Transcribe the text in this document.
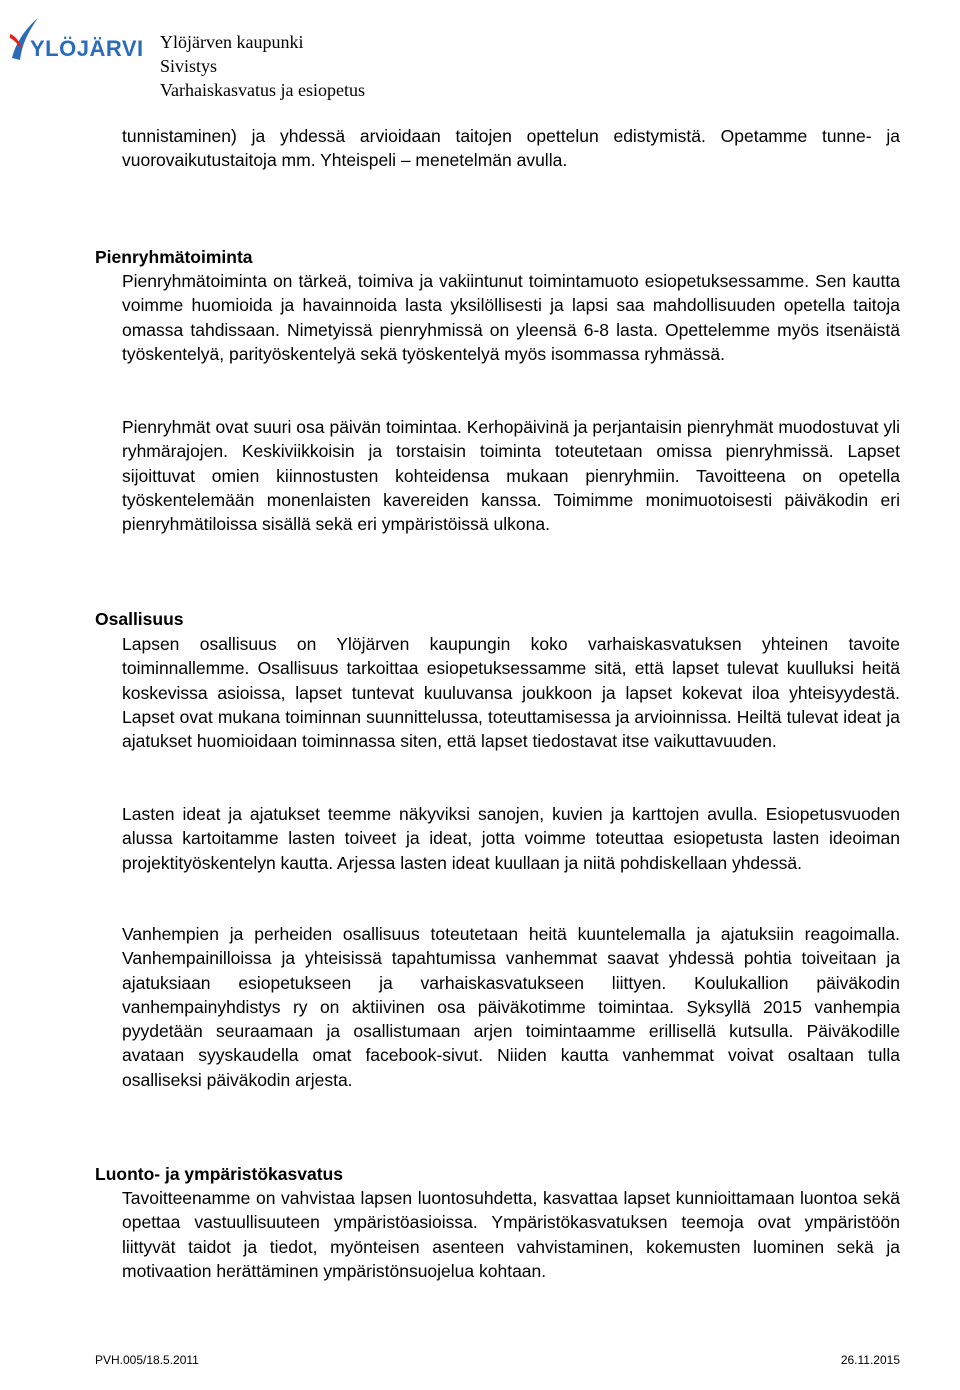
YLÖJÄRVI Ylöjärven kaupunki
Sivistys
Varhaiskasvatus ja esiopetus
tunnistaminen) ja yhdessä arvioidaan taitojen opettelun edistymistä. Opetamme tunne- ja vuorovaikutustaitoja mm. Yhteispeli – menetelmän avulla.
Pienryhmätoiminta
Pienryhmätoiminta on tärkeä, toimiva ja vakiintunut toimintamuoto esiopetuksessamme. Sen kautta voimme huomioida ja havainnoida lasta yksilöllisesti ja lapsi saa mahdollisuuden opetella taitoja omassa tahdissaan. Nimetyissä pienryhmissä on yleensä 6-8 lasta. Opettelemme myös itsenäistä työskentelyä, parityöskentelyä sekä työskentelyä myös isommassa ryhmässä.
Pienryhmät ovat suuri osa päivän toimintaa. Kerhopäivinä ja perjantaisin pienryhmät muodostuvat yli ryhmärajojen. Keskiviikkoisin ja torstaisin toiminta toteutetaan omissa pienryhmissä. Lapset sijoittuvat omien kiinnostusten kohteidensa mukaan pienryhmiin. Tavoitteena on opetella työskentelemään monenlaisten kavereiden kanssa. Toimimme monimuotoisesti päiväkodin eri pienryhmätiloissa sisällä sekä eri ympäristöissä ulkona.
Osallisuus
Lapsen osallisuus on Ylöjärven kaupungin koko varhaiskasvatuksen yhteinen tavoite toiminnallemme. Osallisuus tarkoittaa esiopetuksessamme sitä, että lapset tulevat kuulluksi heitä koskevissa asioissa, lapset tuntevat kuuluvansa joukkoon ja lapset kokevat iloa yhteisyydestä. Lapset ovat mukana toiminnan suunnittelussa, toteuttamisessa ja arvioinnissa. Heiltä tulevat ideat ja ajatukset huomioidaan toiminnassa siten, että lapset tiedostavat itse vaikuttavuuden.
Lasten ideat ja ajatukset teemme näkyviksi sanojen, kuvien ja karttojen avulla. Esiopetusvuoden alussa kartoitamme lasten toiveet ja ideat, jotta voimme toteuttaa esiopetusta lasten ideoiman projektityöskentelyn kautta. Arjessa lasten ideat kuullaan ja niitä pohdiskellaan yhdessä.
Vanhempien ja perheiden osallisuus toteutetaan heitä kuuntelemalla ja ajatuksiin reagoimalla. Vanhempainilloissa ja yhteisissä tapahtumissa vanhemmat saavat yhdessä pohtia toiveitaan ja ajatuksiaan esiopetukseen ja varhaiskasvatukseen liittyen. Koulukallion päiväkodin vanhempainyhdistys ry on aktiivinen osa päiväkotimme toimintaa. Syksyllä 2015 vanhempia pyydetään seuraamaan ja osallistumaan arjen toimintaamme erillisellä kutsulla. Päiväkodille avataan syyskaudella omat facebook-sivut. Niiden kautta vanhemmat voivat osaltaan tulla osalliseksi päiväkodin arjesta.
Luonto- ja ympäristökasvatus
Tavoitteenamme on vahvistaa lapsen luontosuhdetta, kasvattaa lapset kunnioittamaan luontoa sekä opettaa vastuullisuuteen ympäristöasioissa. Ympäristökasvatuksen teemoja ovat ympäristöön liittyvät taidot ja tiedot, myönteisen asenteen vahvistaminen, kokemusten luominen sekä ja motivaation herättäminen ympäristönsuojelua kohtaan.
PVH.005/18.5.2011	26.11.2015
